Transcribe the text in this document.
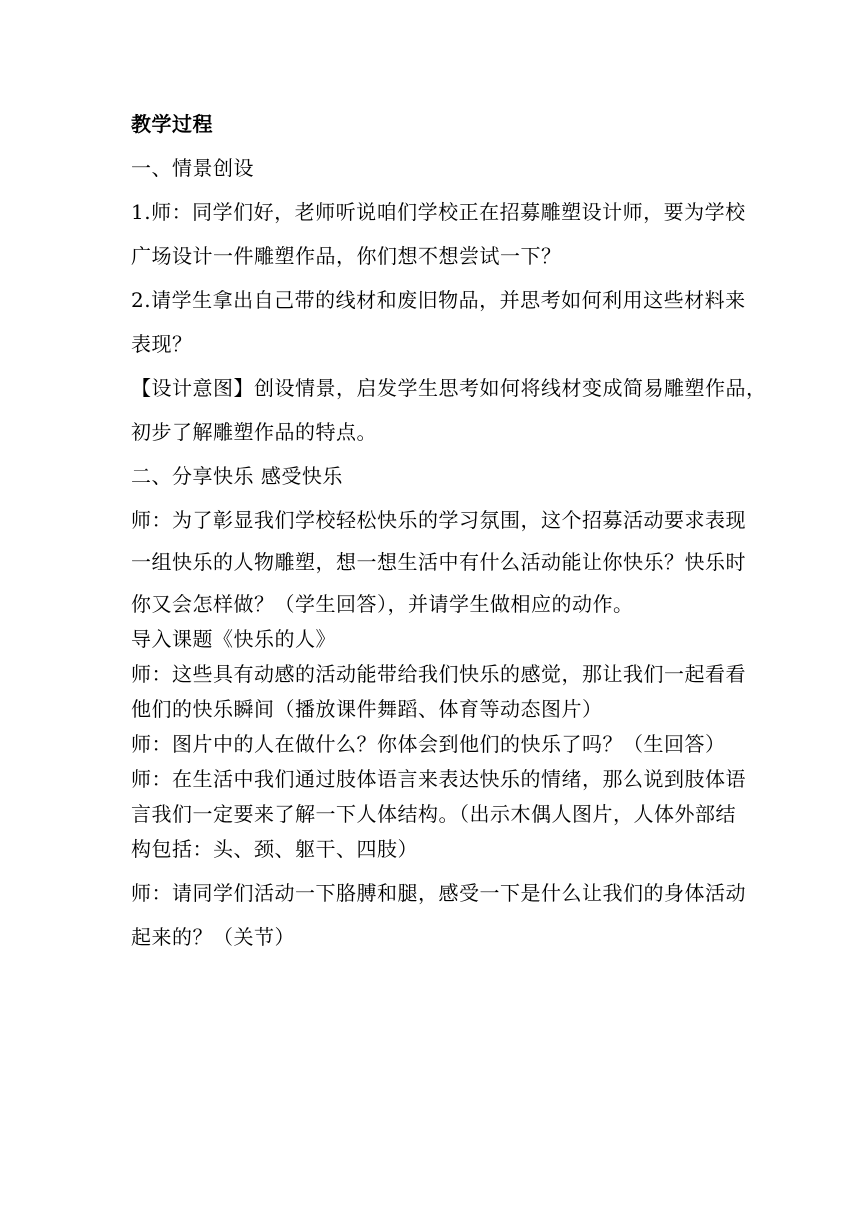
教学过程
一、情景创设
1.师：同学们好，老师听说咱们学校正在招募雕塑设计师，要为学校
广场设计一件雕塑作品，你们想不想尝试一下？
2.请学生拿出自己带的线材和废旧物品，并思考如何利用这些材料来
表现？
【设计意图】创设情景，启发学生思考如何将线材变成简易雕塑作品，
初步了解雕塑作品的特点。
二、分享快乐 感受快乐
师：为了彰显我们学校轻松快乐的学习氛围，这个招募活动要求表现
一组快乐的人物雕塑，想一想生活中有什么活动能让你快乐？快乐时
你又会怎样做？（学生回答），并请学生做相应的动作。
导入课题《快乐的人》
师：这些具有动感的活动能带给我们快乐的感觉，那让我们一起看看
他们的快乐瞬间（播放课件舞蹈、体育等动态图片）
师：图片中的人在做什么？你体会到他们的快乐了吗？（生回答）
师：在生活中我们通过肢体语言来表达快乐的情绪，那么说到肢体语
言我们一定要来了解一下人体结构。（出示木偶人图片，人体外部结
构包括：头、颈、躯干、四肢）
师：请同学们活动一下胳膊和腿，感受一下是什么让我们的身体活动
起来的？（关节）
